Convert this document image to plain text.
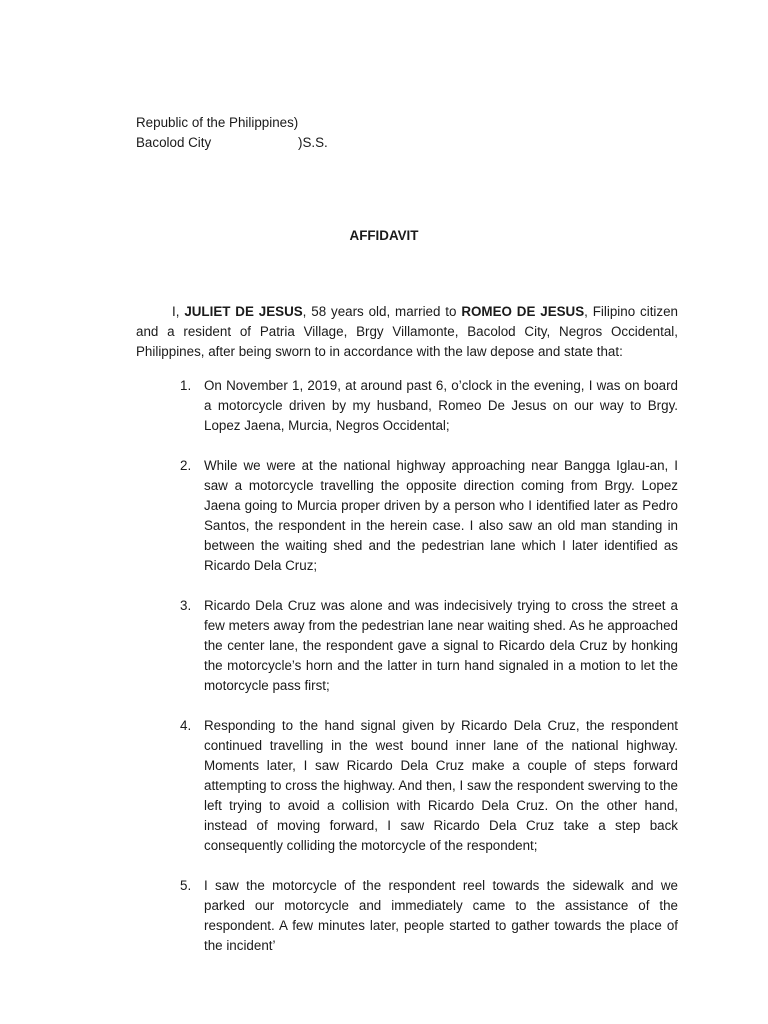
Republic of the Philippines)
Bacolod City	)S.S.
AFFIDAVIT

I, JULIET DE JESUS, 58 years old, married to ROMEO DE JESUS, Filipino citizen and a resident of Patria Village, Brgy Villamonte, Bacolod City, Negros Occidental, Philippines, after being sworn to in accordance with the law depose and state that:

1. On November 1, 2019, at around past 6, o’clock in the evening, I was on board a motorcycle driven by my husband, Romeo De Jesus on our way to Brgy. Lopez Jaena, Murcia, Negros Occidental;
2. While we were at the national highway approaching near Bangga Iglau-an, I saw a motorcycle travelling the opposite direction coming from Brgy. Lopez Jaena going to Murcia proper driven by a person who I identified later as Pedro Santos, the respondent in the herein case. I also saw an old man standing in between the waiting shed and the pedestrian lane which I later identified as Ricardo Dela Cruz;
3. Ricardo Dela Cruz was alone and was indecisively trying to cross the street a few meters away from the pedestrian lane near waiting shed. As he approached the center lane, the respondent gave a signal to Ricardo dela Cruz by honking the motorcycle’s horn and the latter in turn hand signaled in a motion to let the motorcycle pass first;
4. Responding to the hand signal given by Ricardo Dela Cruz, the respondent continued travelling in the west bound inner lane of the national highway. Moments later, I saw Ricardo Dela Cruz make a couple of steps forward attempting to cross the highway. And then, I saw the respondent swerving to the left trying to avoid a collision with Ricardo Dela Cruz. On the other hand, instead of moving forward, I saw Ricardo Dela Cruz take a step back consequently colliding the motorcycle of the respondent;
5. I saw the motorcycle of the respondent reel towards the sidewalk and we parked our motorcycle and immediately came to the assistance of the respondent. A few minutes later, people started to gather towards the place of the incident’
